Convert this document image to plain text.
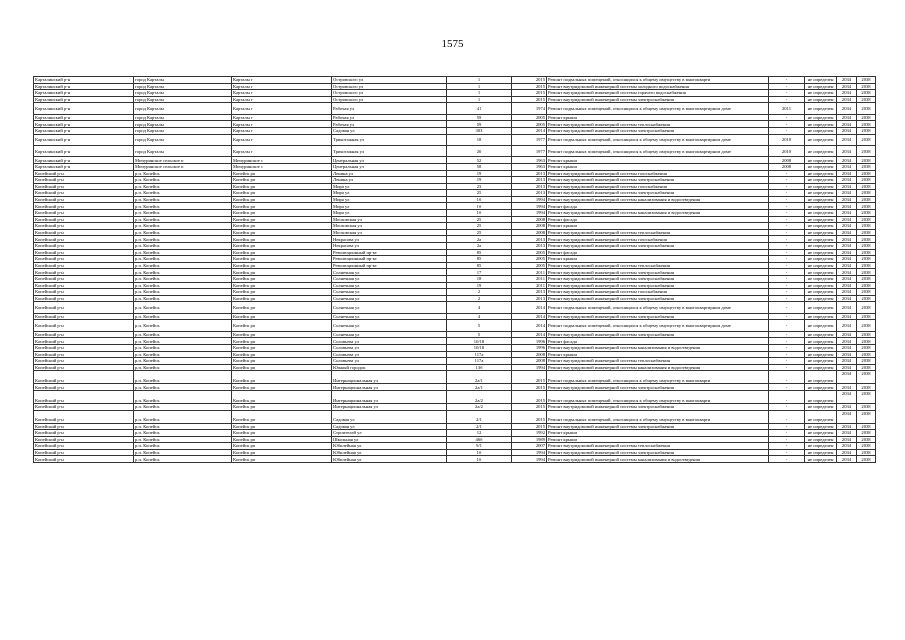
1575
Карталинский р-н	город Карталы	Карталы г	Островского ул	1	2015	Ремонт подвальных помещений, относящихся к общему имуществу в многокварти	-	не определен	2034	2038
Карталинский р-н	город Карталы	Карталы г	Островского ул	1	2015	Ремонт внутридомовой инженерной системы холодного водоснабжения	-	не определен	2034	2038
Карталинский р-н	город Карталы	Карталы г	Островского ул	1	2015	Ремонт внутридомовой инженерной системы горячего водоснабжения	-	не определен	2034	2038
Карталинский р-н	город Карталы	Карталы г	Островского ул	1	2015	Ремонт внутридомовой инженерной системы электроснабжения	-	не определен	2034	2038
Карталинский р-н	город Карталы	Карталы г	Рабочая ул	41	1974	Ремонт подвальных помещений, относящихся к общему имуществу в многоквартирном доме	2011	не определен	2034	2038
Карталинский р-н	город Карталы	Карталы г	Рабочая ул	59	2005	Ремонт крыши	-	не определен	2034	2038
Карталинский р-н	город Карталы	Карталы г	Рабочая ул	59	2005	Ремонт внутридомовой инженерной системы теплоснабжения	-	не определен	2034	2038
Карталинский р-н	город Карталы	Карталы г	Садовая ул	30З	2014	Ремонт внутридомовой инженерной системы электроснабжения	-	не определен	2034	2038
Карталинский р-н	город Карталы	Карталы г	Трикотажная ул	18	1977	Ремонт подвальных помещений, относящихся к общему имуществу в многоквартирном доме	2010	не определен	2034	2038
Карталинский р-н	город Карталы	Карталы г	Трикотажная ул	20	1977	Ремонт подвальных помещений, относящихся к общему имуществу в многоквартирном доме	2010	не определен	2034	2038
Карталинский р-н	Мичуринское сельское п	Мичуринское с	Центральная ул	52	1963	Ремонт крыши	2008	не определен	2034	2038
Карталинский р-н	Мичуринское сельское п	Мичуринское с	Центральная ул	58	1963	Ремонт крыши	2008	не определен	2034	2038
Копейский р-н	р.п. Копейск	Копейск рп	Ленина ул	19	2013	Ремонт внутридомовой инженерной системы газоснабжения	-	не определен	2034	2038
Копейский р-н	р.п. Копейск	Копейск рп	Ленина ул	19	2013	Ремонт внутридомовой инженерной системы электроснабжения	-	не определен	2034	2038
Копейский р-н	р.п. Копейск	Копейск рп	Мира ул	23	2013	Ремонт внутридомовой инженерной системы газоснабжения	-	не определен	2034	2038
Копейский р-н	р.п. Копейск	Копейск рп	Мира ул	25	2013	Ремонт внутридомовой инженерной системы электроснабжения	-	не определен	2034	2038
Копейский р-н	р.п. Копейск	Копейск рп	Мира ул	1б	1994	Ремонт внутридомовой инженерной системы канализования и водоотведения	-	не определен	2034	2038
Копейский р-н	р.п. Копейск	Копейск рп	Мира ул	1б	1994	Ремонт фасада	-	не определен	2034	2038
Копейский р-н	р.п. Копейск	Копейск рп	Мира ул	1б	1994	Ремонт внутридомовой инженерной системы канализования и водоотведения	-	не определен	2034	2038
Копейский р-н	р.п. Копейск	Копейск рп	Московская ул	25	2008	Ремонт фасада	-	не определен	2034	2038
Копейский р-н	р.п. Копейск	Копейск рп	Московская ул	25	2008	Ремонт крыши	-	не определен	2034	2038
Копейский р-н	р.п. Копейск	Копейск рп	Московская ул	25	2008	Ремонт внутридомовой инженерной системы теплоснабжения	-	не определен	2034	2038
Копейский р-н	р.п. Копейск	Копейск рп	Некрасова ул	2а	2013	Ремонт внутридомовой инженерной системы газоснабжения	-	не определен	2034	2038
Копейский р-н	р.п. Копейск	Копейск рп	Некрасова ул	2а	2013	Ремонт внутридомовой инженерной системы электроснабжения	-	не определен	2034	2038
Копейский р-н	р.п. Копейск	Копейск рп	Революционный пр-кт	85	2005	Ремонт фасада	-	не определен	2034	2038
Копейский р-н	р.п. Копейск	Копейск рп	Революционный пр-кт	85	2005	Ремонт крыши	-	не определен	2034	2038
Копейский р-н	р.п. Копейск	Копейск рп	Революционный пр-кт	85	2005	Ремонт внутридомовой инженерной системы теплоснабжения	-	не определен	2034	2038
Копейский р-н	р.п. Копейск	Копейск рп	Солнечная ул	17	2011	Ремонт внутридомовой инженерной системы электроснабжения	-	не определен	2034	2038
Копейский р-н	р.п. Копейск	Копейск рп	Солнечная ул	18	2011	Ремонт внутридомовой инженерной системы электроснабжения	-	не определен	2034	2038
Копейский р-н	р.п. Копейск	Копейск рп	Солнечная ул	19	2011	Ремонт внутридомовой инженерной системы электроснабжения	-	не определен	2034	2038
Копейский р-н	р.п. Копейск	Копейск рп	Солнечная ул	2	2013	Ремонт внутридомовой инженерной системы газоснабжения	-	не определен	2034	2038
Копейский р-н	р.п. Копейск	Копейск рп	Солнечная ул	2	2013	Ремонт внутридомовой инженерной системы электроснабжения	-	не определен	2034	2038
Копейский р-н	р.п. Копейск	Копейск рп	Солнечная ул	4	2014	Ремонт подвальных помещений, относящихся к общему имуществу в многоквартирном доме	-	не определен	2034	2038
Копейский р-н	р.п. Копейск	Копейск рп	Солнечная ул	4	2014	Ремонт внутридомовой инженерной системы электроснабжения	-	не определен	2034	2038
Копейский р-н	р.п. Копейск	Копейск рп	Солнечная ул	5	2014	Ремонт подвальных помещений, относящихся к общему имуществу в многоквартирном доме	-	не определен	2034	2038
Копейский р-н	р.п. Копейск	Копейск рп	Солнечная ул	5	2014	Ремонт внутридомовой инженерной системы электроснабжения	-	не определен	2034	2038
Копейский р-н	р.п. Копейск	Копейск рп	Соловьева ул	10/18	1996	Ремонт фасада	-	не определен	2034	2038
Копейский р-н	р.п. Копейск	Копейск рп	Соловьева ул	10/18	1996	Ремонт внутридомовой инженерной системы канализования и водоотведения	-	не определен	2034	2038
Копейский р-н	р.п. Копейск	Копейск рп	Соловьева ул	117а	2008	Ремонт крыши	-	не определен	2034	2038
Копейский р-н	р.п. Копейск	Копейск рп	Соловьева ул	117а	2008	Ремонт внутридомовой инженерной системы теплоснабжения	-	не определен	2034	2038
Копейский р-н	р.п. Копейск	Копейск рп	Южный городок	13б	1994	Ремонт внутридомовой инженерной системы канализования и водоотведения	-	не определен	2034	2038
Копейский р-н	р.п. Копейск	Копейск рп	Интернациональная ул	2а/1	2015	Ремонт подвальных помещений, относящихся к общему имуществу в многокварти	-	не определен	2034	2038
Копейский р-н	р.п. Копейск	Копейск рп	Интернациональная ул	2а/1	2015	Ремонт внутридомовой инженерной системы электроснабжения	-	не определен	2034	2038
Копейский р-н	р.п. Копейск	Копейск рп	Интернациональная ул	2а/2	2015	Ремонт подвальных помещений, относящихся к общему имуществу в многокварти	-	не определен	2034	2038
Копейский р-н	р.п. Копейск	Копейск рп	Интернациональная ул	2а/2	2015	Ремонт внутридомовой инженерной системы электроснабжения	-	не определен	2034	2038
Копейский р-н	р.п. Копейск	Копейск рп	Садовая ул	2/1	2015	Ремонт подвальных помещений, относящихся к общему имуществу в многокварти	-	не определен	2034	2038
Копейский р-н	р.п. Копейск	Копейск рп	Садовая ул	2/1	2015	Ремонт внутридомовой инженерной системы электроснабжения	-	не определен	2034	2038
Копейский р-н	р.п. Копейск	Копейск рп	Строителей ул	12	1992	Ремонт крыши	-	не определен	2034	2038
Копейский р-н	р.п. Копейск	Копейск рп	Школьная ул	46б	1989	Ремонт крыши	-	не определен	2034	2038
Копейский р-н	р.п. Копейск	Копейск рп	Юбилейная ул	9/1	2007	Ремонт внутридомовой инженерной системы теплоснабжения	-	не определен	2034	2038
Копейский р-н	р.п. Копейск	Копейск рп	Юбилейная ул	1б	1994	Ремонт внутридомовой инженерной системы электроснабжения	-	не определен	2034	2038
Копейский р-н	р.п. Копейск	Копейск рп	Юбилейная ул	1б	1994	Ремонт внутридомовой инженерной системы канализования и водоотведения	-	не определен	2034	2038
